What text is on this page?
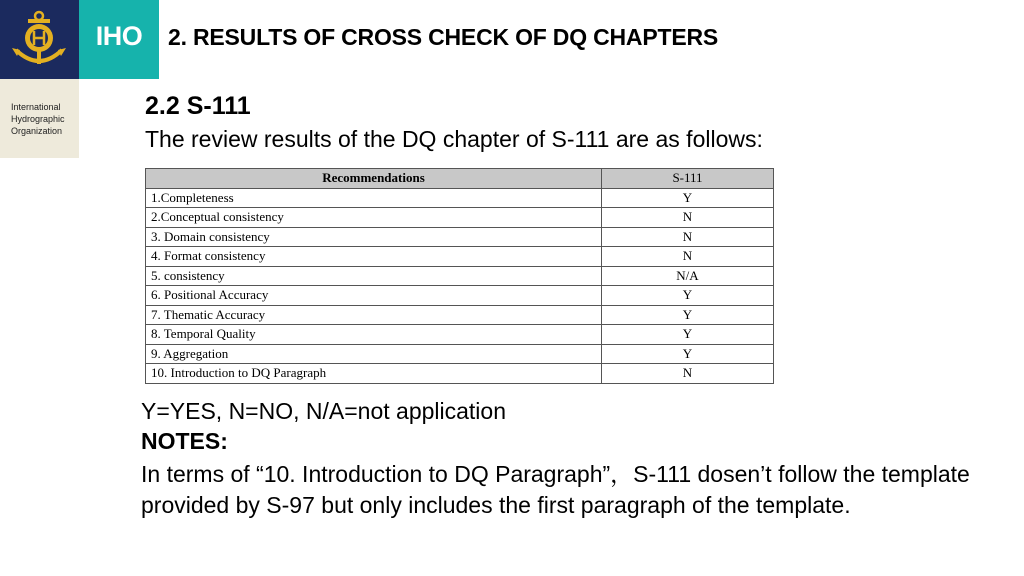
IHO
International
Hydrographic
Organization
2. RESULTS OF CROSS CHECK OF DQ CHAPTERS
2.2 S-111
The review results of the DQ chapter of S-111 are as follows:
Recommendations	S-111
1.Completeness	Y
2.Conceptual consistency	N
3. Domain consistency	N
4. Format consistency	N
5. consistency	N/A
6. Positional Accuracy	Y
7. Thematic Accuracy	Y
8. Temporal Quality	Y
9. Aggregation	Y
10. Introduction to DQ Paragraph	N
Y=YES, N=NO, N/A=not application
NOTES:
In terms of “10. Introduction to DQ Paragraph”，S-111 dosen’t follow the template provided by S-97 but only includes the first paragraph of the template.
